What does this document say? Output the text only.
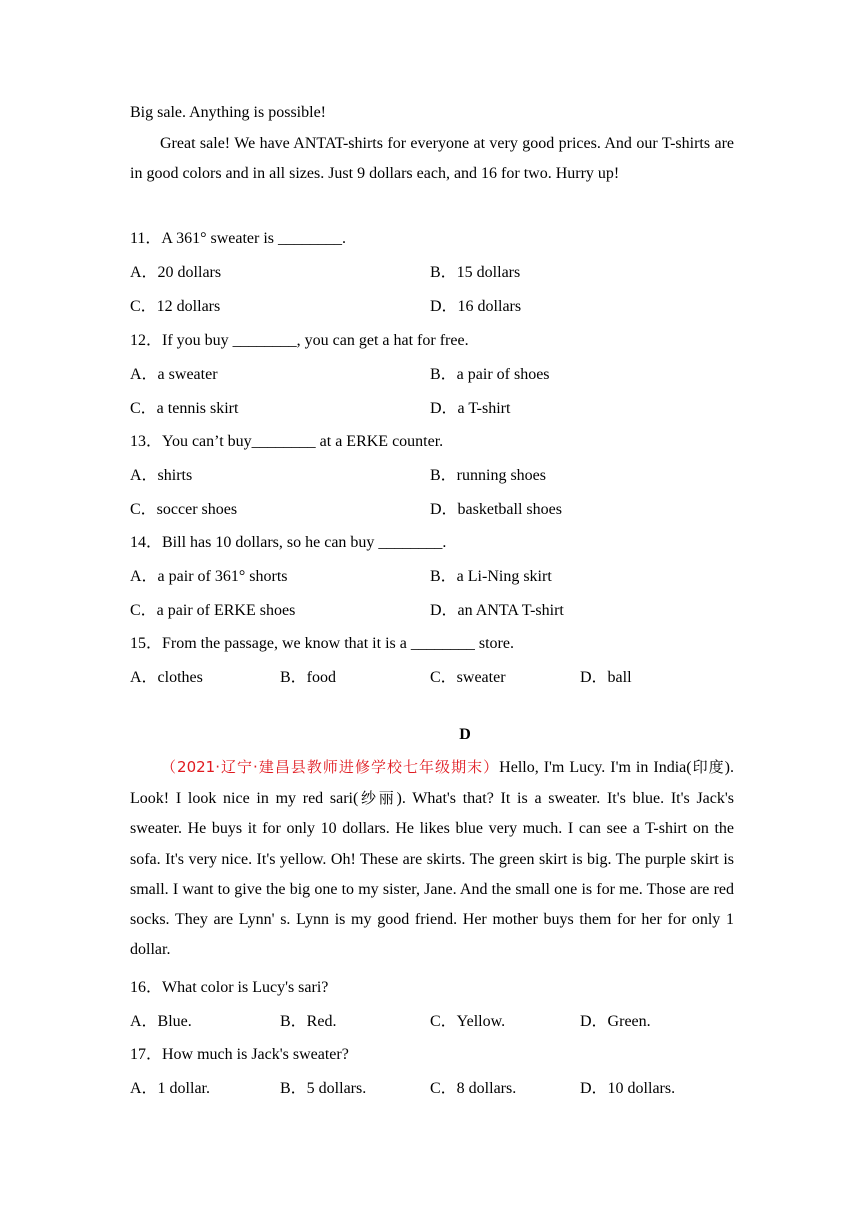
Big sale. Anything is possible!
Great sale! We have ANTAT-shirts for everyone at very good prices. And our T-shirts are in good colors and in all sizes. Just 9 dollars each, and 16 for two. Hurry up!
11．A 361° sweater is ________.
A．20 dollars	B．15 dollars
C．12 dollars	D．16 dollars
12．If you buy ________, you can get a hat for free.
A．a sweater	B．a pair of shoes
C．a tennis skirt	D．a T-shirt
13．You can’t buy________ at a ERKE counter.
A．shirts	B．running shoes
C．soccer shoes	D．basketball shoes
14．Bill has 10 dollars, so he can buy ________.
A．a pair of 361° shorts	B．a Li-Ning skirt
C．a pair of ERKE shoes	D．an ANTA T-shirt
15．From the passage, we know that it is a ________ store.
A．clothes	B．food	C．sweater	D．ball
D
（2021·辽宁·建昌县教师进修学校七年级期末）Hello, I'm Lucy. I'm in India(印度). Look! I look nice in my red sari(纱丽). What's that? It is a sweater. It's blue. It's Jack's sweater. He buys it for only 10 dollars. He likes blue very much. I can see a T-shirt on the sofa. It's very nice. It's yellow. Oh! These are skirts. The green skirt is big. The purple skirt is small. I want to give the big one to my sister, Jane. And the small one is for me. Those are red socks. They are Lynn' s. Lynn is my good friend. Her mother buys them for her for only 1 dollar.
16．What color is Lucy's sari?
A．Blue.	B．Red.	C．Yellow.	D．Green.
17．How much is Jack's sweater?
A．1 dollar.	B．5 dollars.	C．8 dollars.	D．10 dollars.
